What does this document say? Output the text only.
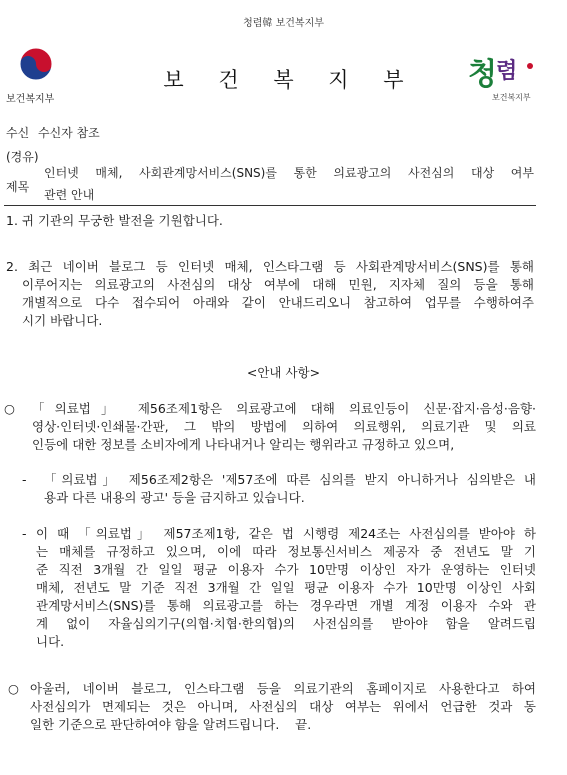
청렴韓 보건복지부
보건복지부
보 건 복 지 부	청 렴
보건복지부
수신 수신자 참조
(경유)
제목
인터넷 매체, 사회관계망서비스(SNS)를 통한 의료광고의 사전심의 대상 여부
관련 안내
1. 귀 기관의 무궁한 발전을 기원합니다.
2. 최근 네이버 블로그 등 인터넷 매체, 인스타그램 등 사회관계망서비스(SNS)를 통해
이루어지는 의료광고의 사전심의 대상 여부에 대해 민원, 지자체 질의 등을 통해
개별적으로 다수 접수되어 아래와 같이 안내드리오니 참고하여 업무를 수행하여주
시기 바랍니다.
<안내 사항>
○ 「의료법」 제56조제1항은 의료광고에 대해 의료인등이 신문·잡지·음성·음향·
영상·인터넷·인쇄물·간판, 그 밖의 방법에 의하여 의료행위, 의료기관 및 의료
인등에 대한 정보를 소비자에게 나타내거나 알리는 행위라고 규정하고 있으며,
- 「의료법」 제56조제2항은 '제57조에 따른 심의를 받지 아니하거나 심의받은 내
용과 다른 내용의 광고' 등을 금지하고 있습니다.
- 이 때 「의료법」 제57조제1항, 같은 법 시행령 제24조는 사전심의를 받아야 하
는 매체를 규정하고 있으며, 이에 따라 정보통신서비스 제공자 중 전년도 말 기
준 직전 3개월 간 일일 평균 이용자 수가 10만명 이상인 자가 운영하는 인터넷
매체, 전년도 말 기준 직전 3개월 간 일일 평균 이용자 수가 10만명 이상인 사회
관계망서비스(SNS)를 통해 의료광고를 하는 경우라면 개별 계정 이용자 수와 관
계 없이 자율심의기구(의협·치협·한의협)의 사전심의를 받아야 함을 알려드립
니다.
○ 아울러, 네이버 블로그, 인스타그램 등을 의료기관의 홈페이지로 사용한다고 하여
사전심의가 면제되는 것은 아니며, 사전심의 대상 여부는 위에서 언급한 것과 동
일한 기준으로 판단하여야 함을 알려드립니다.    끝.
